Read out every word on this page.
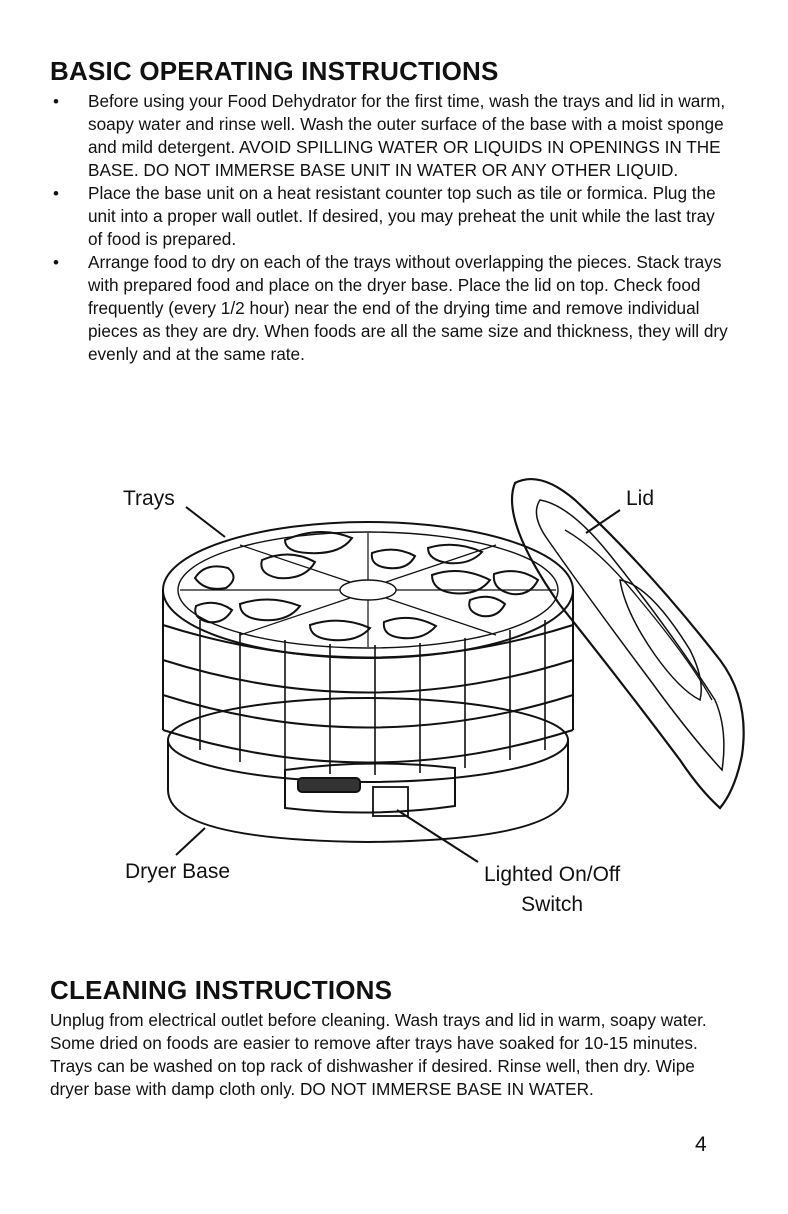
BASIC OPERATING INSTRUCTIONS
• Before using your Food Dehydrator for the first time, wash the trays and lid in warm, soapy water and rinse well. Wash the outer surface of the base with a moist sponge and mild detergent. AVOID SPILLING WATER OR LIQUIDS IN OPENINGS IN THE BASE. DO NOT IMMERSE BASE UNIT IN WATER OR ANY OTHER LIQUID.
• Place the base unit on a heat resistant counter top such as tile or formica. Plug the unit into a proper wall outlet. If desired, you may preheat the unit while the last tray of food is prepared.
• Arrange food to dry on each of the trays without overlapping the pieces. Stack trays with prepared food and place on the dryer base. Place the lid on top. Check food frequently (every 1/2 hour) near the end of the drying time and remove individual pieces as they are dry. When foods are all the same size and thickness, they will dry evenly and at the same rate.
Trays	Lid
Dryer Base	Lighted On/Off
Switch
CLEANING INSTRUCTIONS

Unplug from electrical outlet before cleaning. Wash trays and lid in warm, soapy water. Some dried on foods are easier to remove after trays have soaked for 10-15 minutes. Trays can be washed on top rack of dishwasher if desired. Rinse well, then dry. Wipe dryer base with damp cloth only. DO NOT IMMERSE BASE IN WATER.

4
